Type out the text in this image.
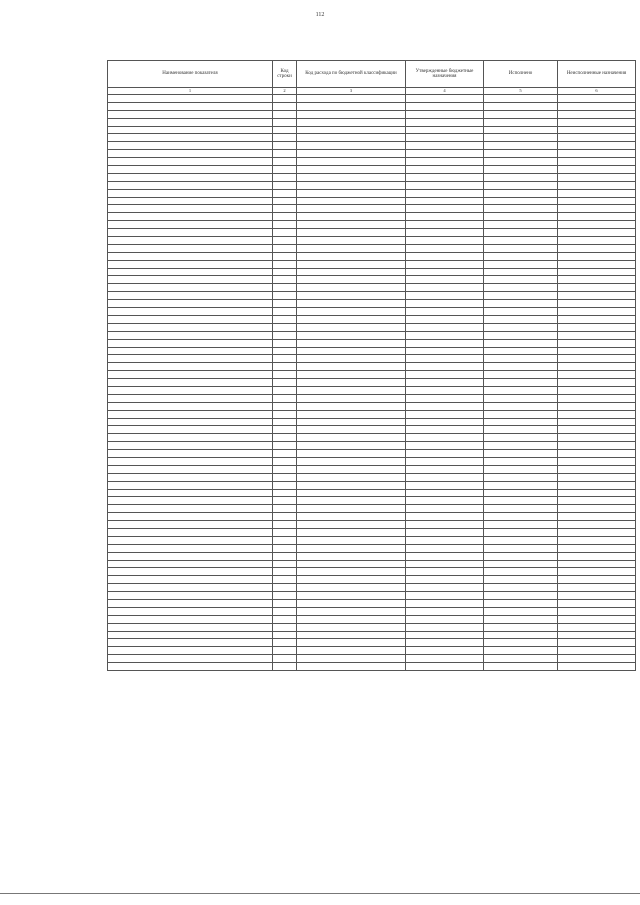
112
Наименование показателя	Код строки	Код расхода по бюджетной классификации	Утвержденные бюджетные назначения	Исполнено	Неисполненные назначения
1	2	3	4	5	6
